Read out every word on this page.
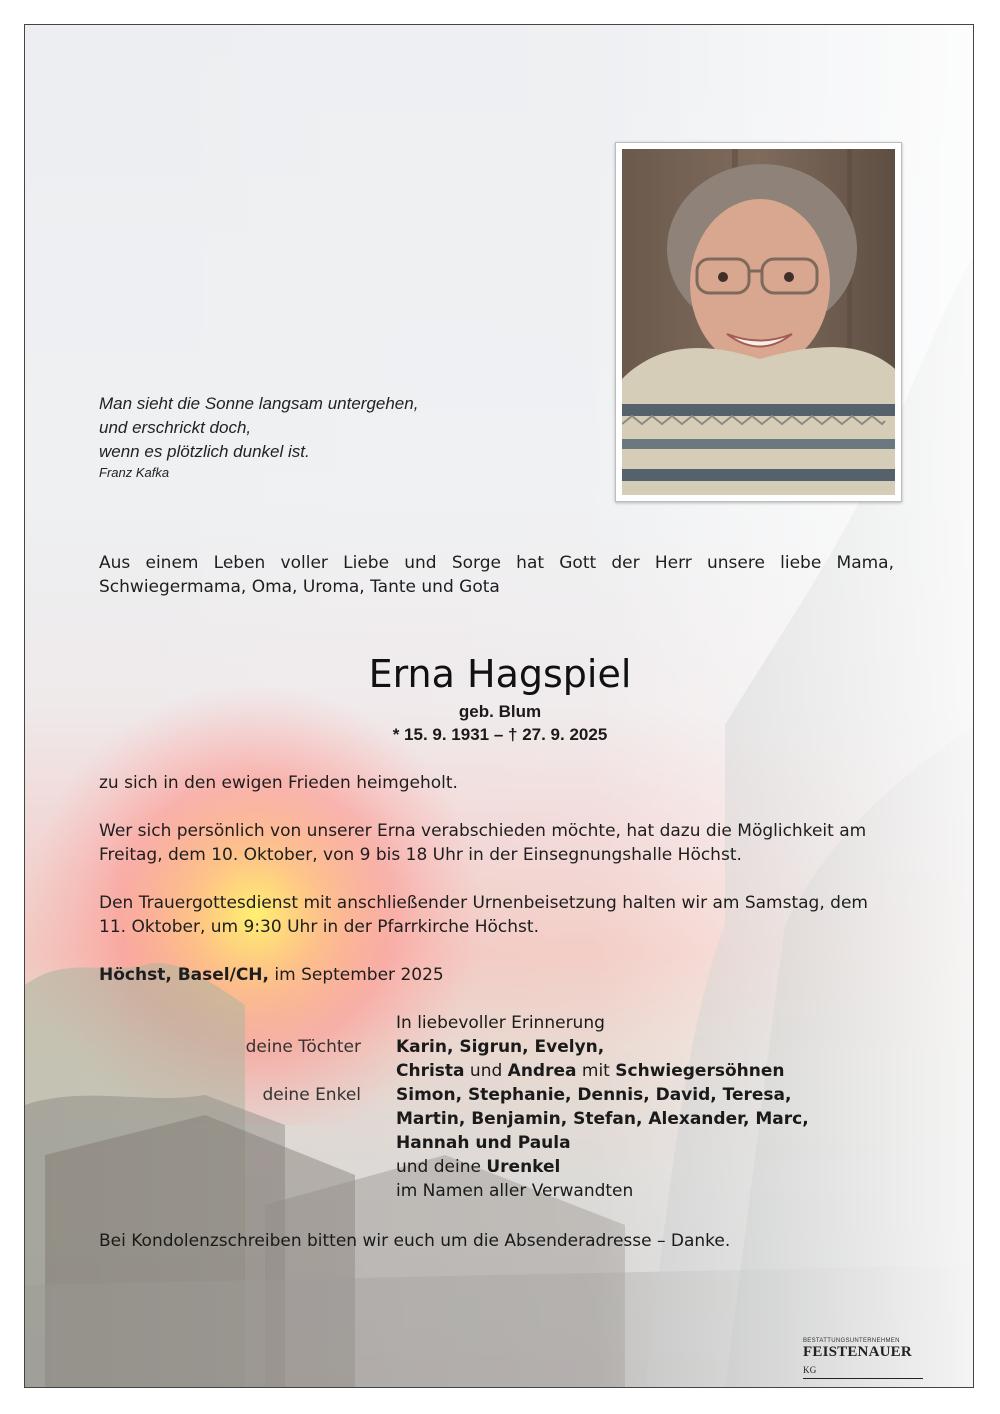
Man sieht die Sonne langsam untergehen,
und erschrickt doch,
wenn es plötzlich dunkel ist.
Franz Kafka
Aus einem Leben voller Liebe und Sorge hat Gott der Herr unsere liebe Mama, Schwiegermama, Oma, Uroma, Tante und Gota
Erna Hagspiel
geb. Blum
* 15. 9. 1931 – † 27. 9. 2025
zu sich in den ewigen Frieden heimgeholt.
Wer sich persönlich von unserer Erna verabschieden möchte, hat dazu die Möglichkeit am Freitag, dem 10. Oktober, von 9 bis 18 Uhr in der Einsegnungshalle Höchst.
Den Trauergottesdienst mit anschließender Urnenbeisetzung halten wir am Samstag, dem 11. Oktober, um 9:30 Uhr in der Pfarrkirche Höchst.
Höchst, Basel/CH, im September 2025
In liebevoller Erinnerung
deine Töchter	Karin, Sigrun, Evelyn,
Christa und Andrea mit Schwiegersöhnen
deine Enkel	Simon, Stephanie, Dennis, David, Teresa,
Martin, Benjamin, Stefan, Alexander, Marc,
Hannah und Paula
und deine Urenkel
im Namen aller Verwandten
Bei Kondolenzschreiben bitten wir euch um die Absenderadresse – Danke.
BESTATTUNGSUNTERNEHMEN
FEISTENAUER KG
